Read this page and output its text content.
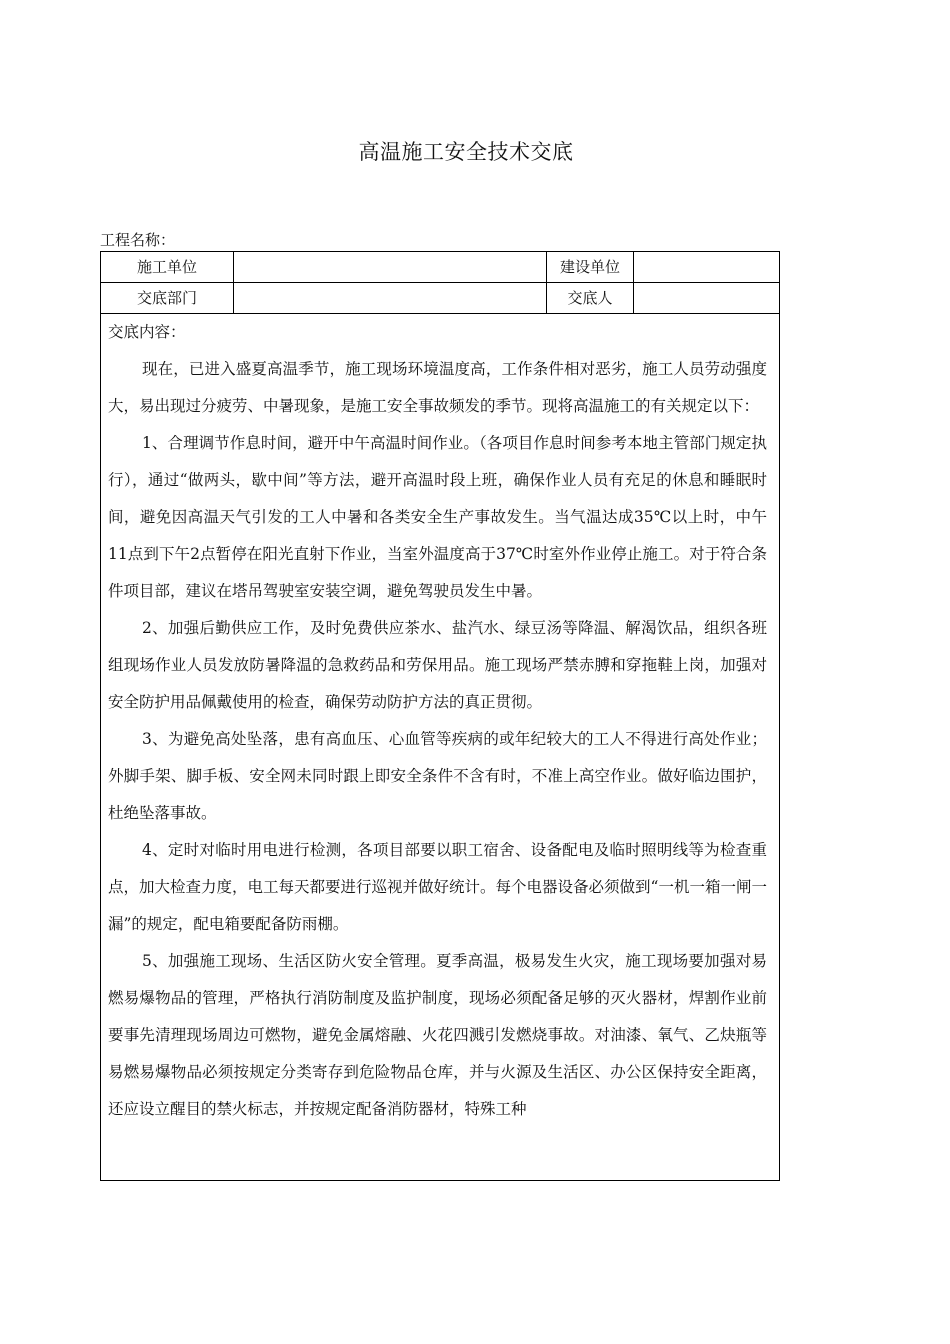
高温施工安全技术交底
工程名称：
施工单位	建设单位
交底部门	交底人
交底内容：

现在，已进入盛夏高温季节，施工现场环境温度高，工作条件相对恶劣，施工人员劳动强度大，易出现过分疲劳、中暑现象，是施工安全事故频发的季节。现将高温施工的有关规定以下：

1、合理调节作息时间，避开中午高温时间作业。（各项目作息时间参考本地主管部门规定执行），通过“做两头，歇中间”等方法，避开高温时段上班，确保作业人员有充足的休息和睡眠时间，避免因高温天气引发的工人中暑和各类安全生产事故发生。当气温达成35℃以上时，中午11点到下午2点暂停在阳光直射下作业，当室外温度高于37℃时室外作业停止施工。对于符合条件项目部，建议在塔吊驾驶室安装空调，避免驾驶员发生中暑。

2、加强后勤供应工作，及时免费供应茶水、盐汽水、绿豆汤等降温、解渴饮品，组织各班组现场作业人员发放防暑降温的急救药品和劳保用品。施工现场严禁赤膊和穿拖鞋上岗，加强对安全防护用品佩戴使用的检查，确保劳动防护方法的真正贯彻。

3、为避免高处坠落，患有高血压、心血管等疾病的或年纪较大的工人不得进行高处作业；外脚手架、脚手板、安全网未同时跟上即安全条件不含有时，不准上高空作业。做好临边围护，杜绝坠落事故。

4、定时对临时用电进行检测，各项目部要以职工宿舍、设备配电及临时照明线等为检查重点，加大检查力度，电工每天都要进行巡视并做好统计。每个电器设备必须做到“一机一箱一闸一漏”的规定，配电箱要配备防雨棚。

5、加强施工现场、生活区防火安全管理。夏季高温，极易发生火灾，施工现场要加强对易燃易爆物品的管理，严格执行消防制度及监护制度，现场必须配备足够的灭火器材，焊割作业前要事先清理现场周边可燃物，避免金属熔融、火花四溅引发燃烧事故。对油漆、氧气、乙炔瓶等易燃易爆物品必须按规定分类寄存到危险物品仓库，并与火源及生活区、办公区保持安全距离，还应设立醒目的禁火标志，并按规定配备消防器材，特殊工种
